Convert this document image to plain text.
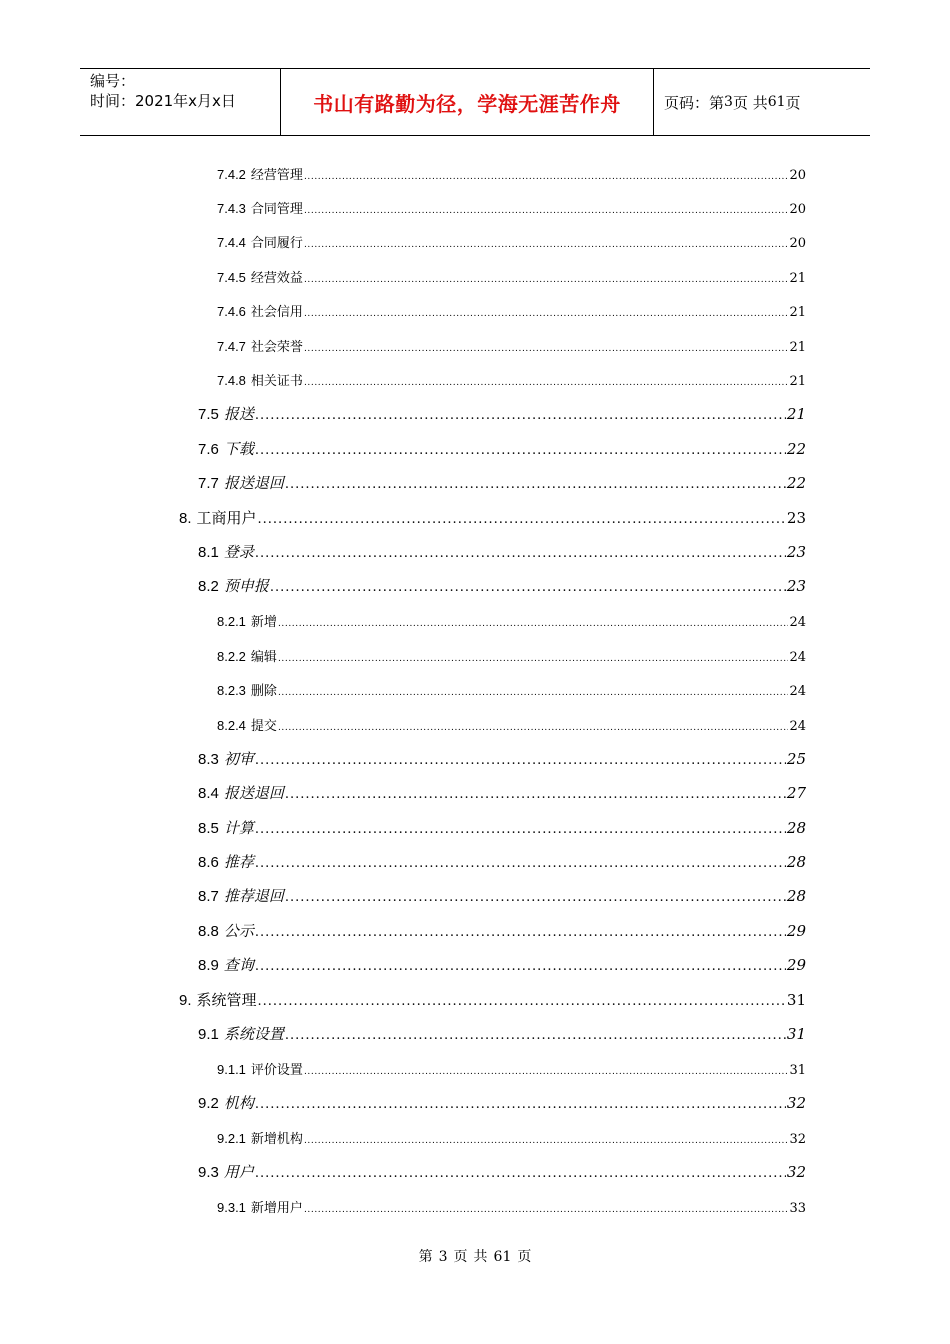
编号：
时间：2021年x月x日	书山有路勤为径，学海无涯苦作舟	页码：第 3 页 共 61 页
7.4.2 经营管理 .....	20
7.4.3 合同管理 .....	20
7.4.4 合同履行 .....	20
7.4.5 经营效益 .....	21
7.4.6 社会信用 .....	21
7.4.7 社会荣誉 .....	21
7.4.8 相关证书 .....	21
7.5 报送 .....	21
7.6 下载 .....	22
7.7 报送退回 .....	22
8. 工商用户 .....	23
8.1 登录 .....	23
8.2 预申报 .....	23
8.2.1 新增 .....	24
8.2.2 编辑 .....	24
8.2.3 删除 .....	24
8.2.4 提交 .....	24
8.3 初审 .....	25
8.4 报送退回 .....	27
8.5 计算 .....	28
8.6 推荐 .....	28
8.7 推荐退回 .....	28
8.8 公示 .....	29
8.9 查询 .....	29
9. 系统管理 .....	31
9.1 系统设置 .....	31
9.1.1 评价设置 .....	31
9.2 机构 .....	32
9.2.1 新增机构 .....	32
9.3 用户 .....	32
9.3.1 新增用户 .....	33
第 3 页 共 61 页
